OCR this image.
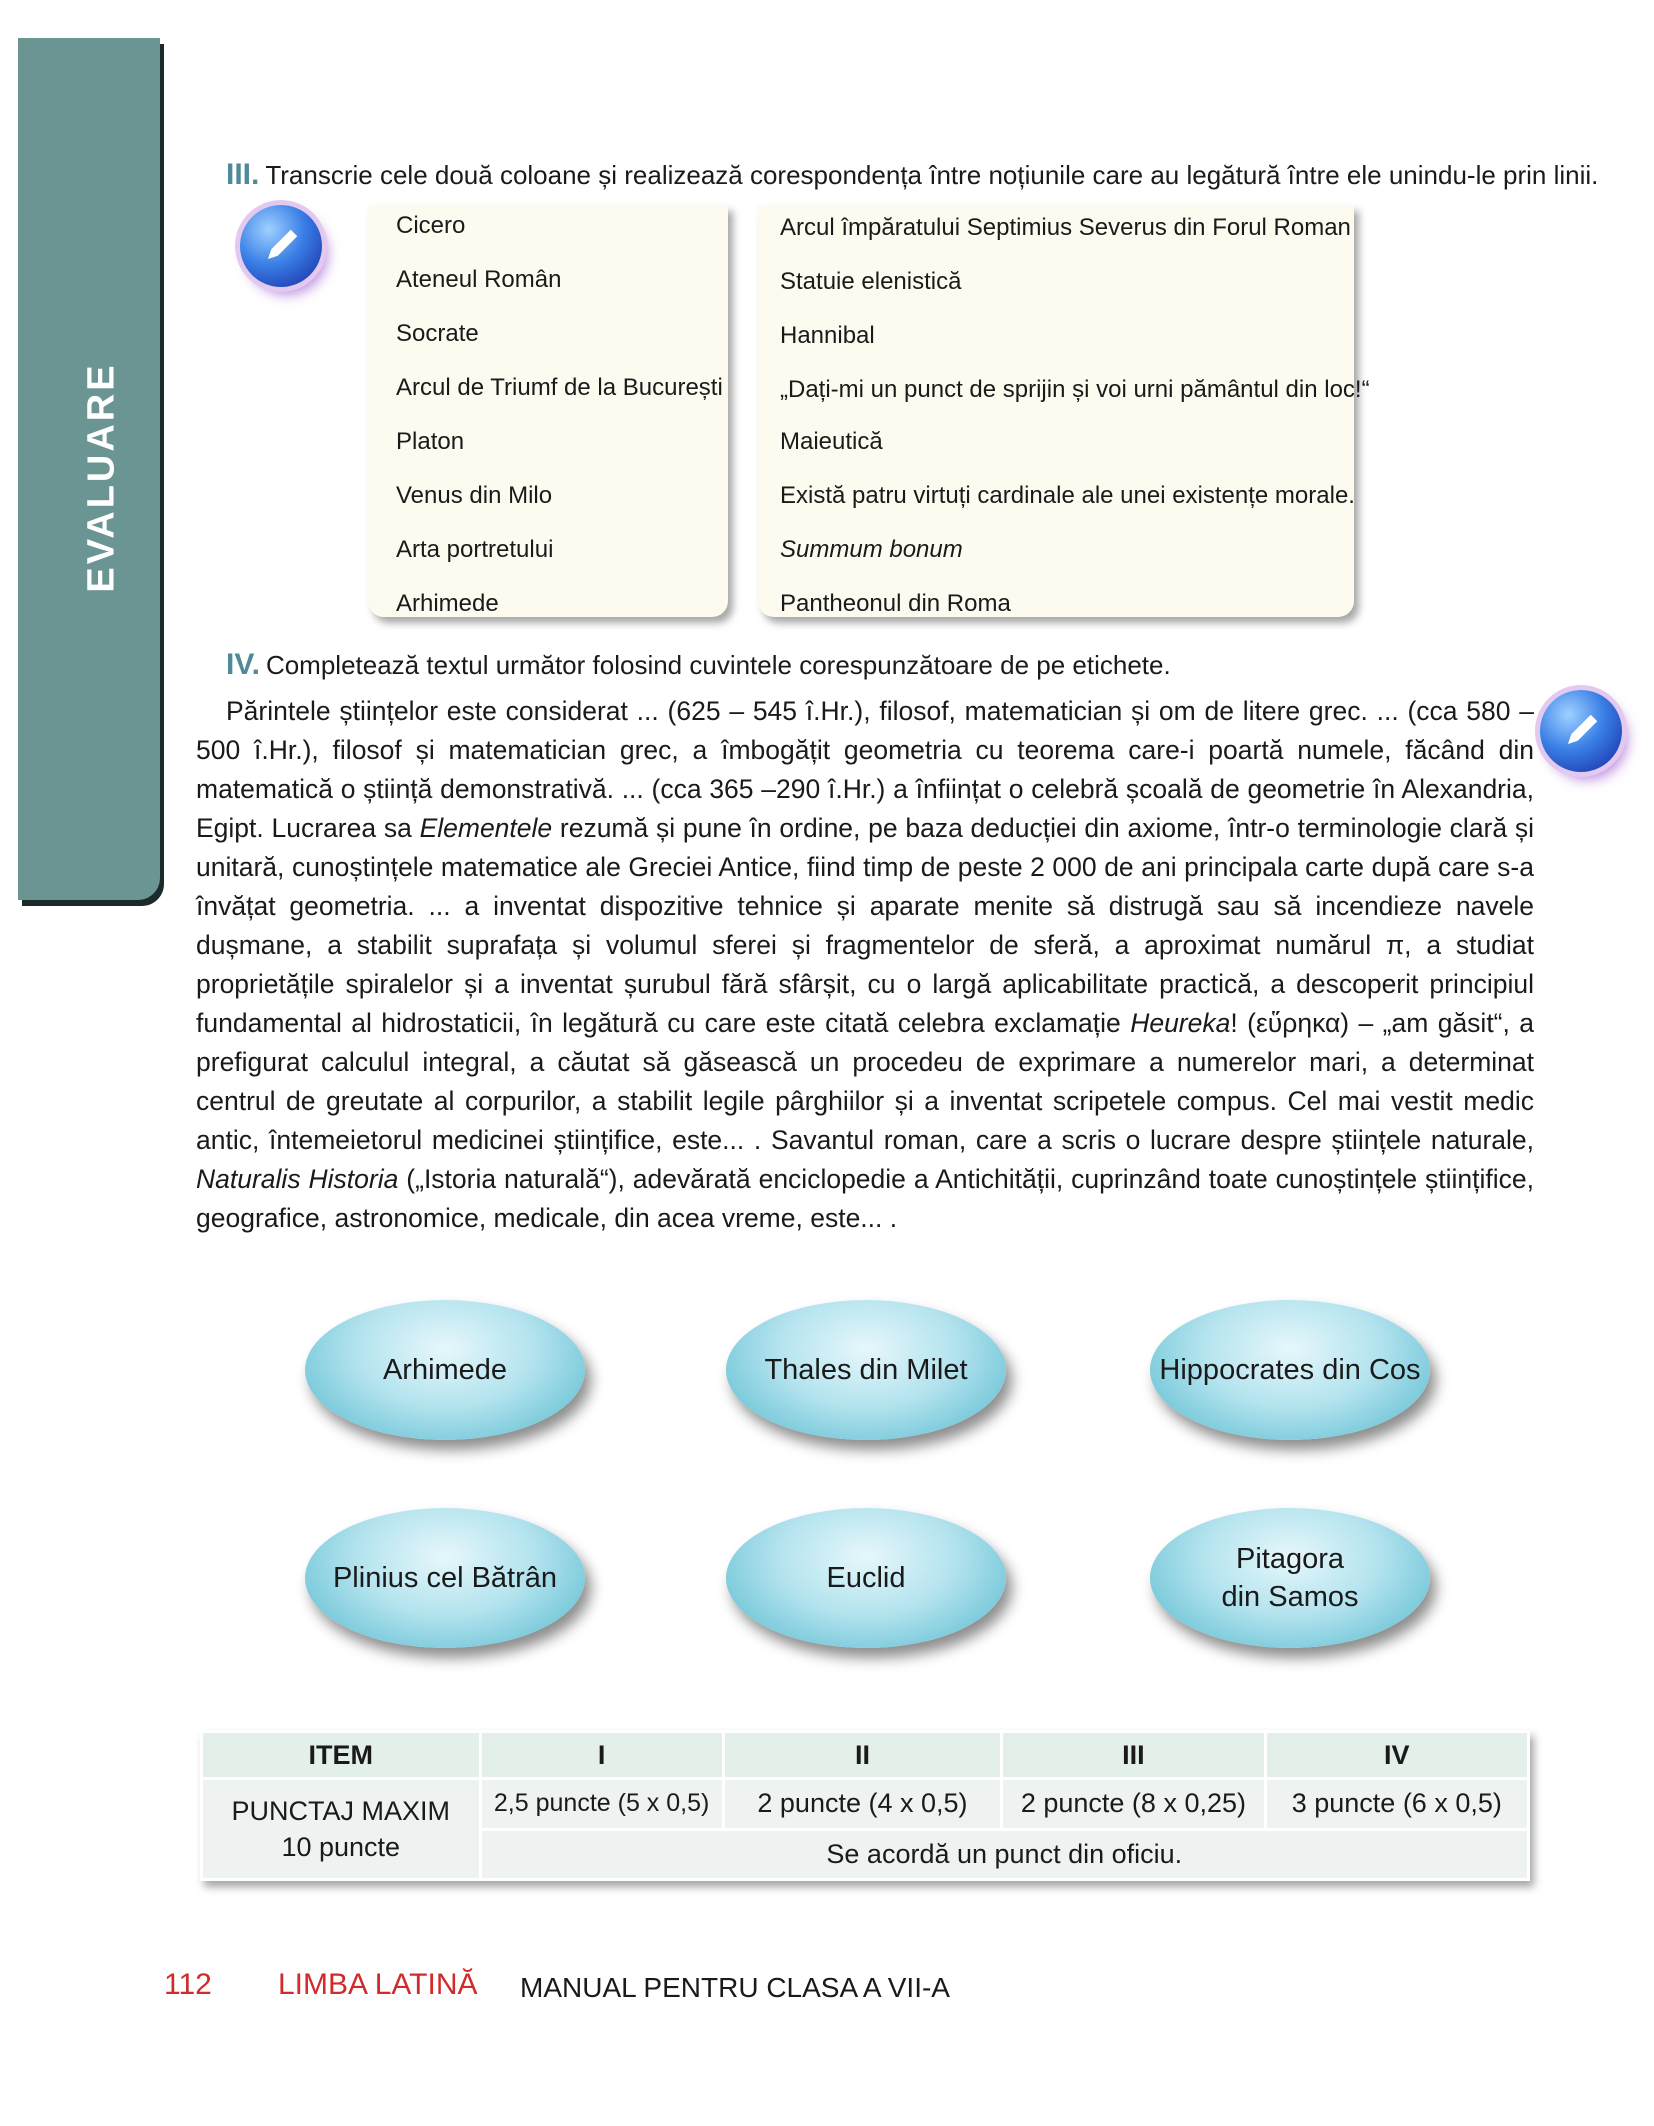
EVALUARE
III. Transcrie cele două coloane și realizează corespondența între noțiunile care au legătură între ele unindu-le prin linii.
Cicero
Ateneul Român
Socrate
Arcul de Triumf de la București
Platon
Venus din Milo
Arta portretului
Arhimede
Arcul împăratului Septimius Severus din Forul Roman
Statuie elenistică
Hannibal
„Dați-mi un punct de sprijin și voi urni pământul din loc!“
Maieutică
Există patru virtuți cardinale ale unei existențe morale.
Summum bonum
Pantheonul din Roma
IV. Completează textul următor folosind cuvintele corespunzătoare de pe etichete.
Părintele științelor este considerat ... (625 – 545 î.Hr.), filosof, matematician și om de litere grec. ... (cca 580 –500 î.Hr.), filosof și matematician grec, a îmbogățit geometria cu teorema care-i poartă numele, făcând din matematică o știință demonstrativă. ... (cca 365 –290 î.Hr.) a înființat o celebră școală de geometrie în Alexandria, Egipt. Lucrarea sa Elementele rezumă și pune în ordine, pe baza deducției din axiome, într-o terminologie clară și unitară, cunoștințele matematice ale Greciei Antice, fiind timp de peste 2 000 de ani principala carte după care s-a învățat geometria. ... a inventat dispozitive tehnice și aparate menite să distrugă sau să incendieze navele dușmane, a stabilit suprafața și volumul sferei și fragmentelor de sferă, a aproximat numărul π, a studiat proprietățile spiralelor și a inventat șurubul fără sfârșit, cu o largă aplicabilitate practică, a descoperit principiul fundamental al hidrostaticii, în legătură cu care este citată celebra exclamație Heureka! (εὕρηκα) – „am găsit“, a prefigurat calculul integral, a căutat să găsească un procedeu de exprimare a numerelor mari, a determinat centrul de greutate al corpurilor, a stabilit legile pârghiilor și a inventat scripetele compus. Cel mai vestit medic antic, întemeietorul medicinei științifice, este... . Savantul roman, care a scris o lucrare despre științele naturale, Naturalis Historia („Istoria naturală“), adevărată enciclopedie a Antichității, cuprinzând toate cunoștințele științifice, geografice, astronomice, medicale, din acea vreme, este... .
Arhimede	Thales din Milet	Hippocrates din Cos
Plinius cel Bătrân	Euclid
Pitagora din Samos
ITEM	I	II	III	IV

PUNCTAJ MAXIM
10 puncte	2,5 puncte (5 x 0,5)	2 puncte (4 x 0,5)	2 puncte (8 x 0,25)	3 puncte (6 x 0,5)
	Se acordă un punct din oficiu.			
112 LIMBA LATINĂ MANUAL PENTRU CLASA A VII-A
